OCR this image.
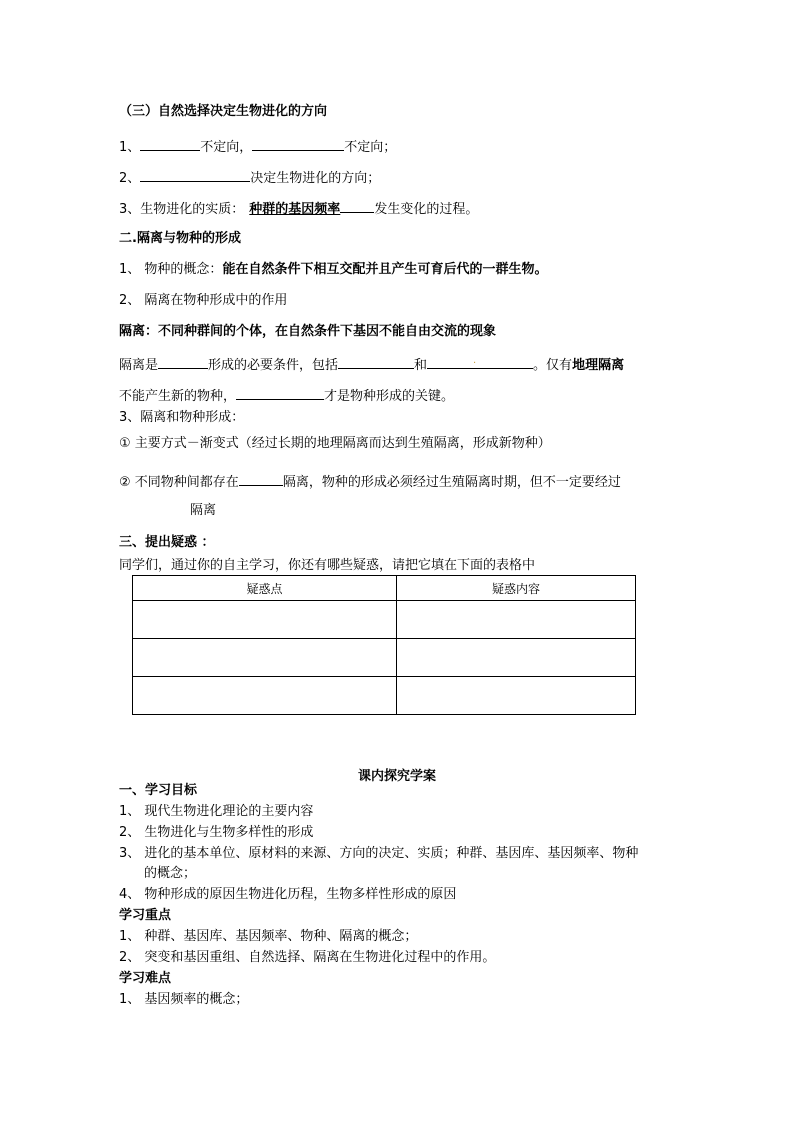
（三）自然选择决定生物进化的方向
1、	不定向，	不定向；
2、	决定生物进化的方向；
3、生物进化的实质： 种群的基因频率	发生变化的过程。
二.隔离与物种的形成
1、 物种的概念：能在自然条件下相互交配并且产生可育后代的一群生物。
2、 隔离在物种形成中的作用
隔离：不同种群间的个体，在自然条件下基因不能自由交流的现象
隔离是	形成的必要条件，包括	和	.	。仅有地理隔离
不能产生新的物种，	才是物种形成的关键。
3、隔离和物种形成：
① 主要方式－渐变式（经过长期的地理隔离而达到生殖隔离，形成新物种）
② 不同物种间都存在	隔离，物种的形成必须经过生殖隔离时期，但不一定要经过
隔离
三、提出疑惑 ：
同学们，通过你的自主学习，你还有哪些疑惑，请把它填在下面的表格中
疑惑点	疑惑内容

课内探究学案
一、学习目标
1、 现代生物进化理论的主要内容
2、 生物进化与生物多样性的形成
3、 进化的基本单位、原材料的来源、方向的决定、实质；种群、基因库、基因频率、物种
的概念；
4、 物种形成的原因生物进化历程，生物多样性形成的原因
学习重点
1、 种群、基因库、基因频率、物种、隔离的概念；
2、 突变和基因重组、自然选择、隔离在生物进化过程中的作用。
学习难点
1、 基因频率的概念；
